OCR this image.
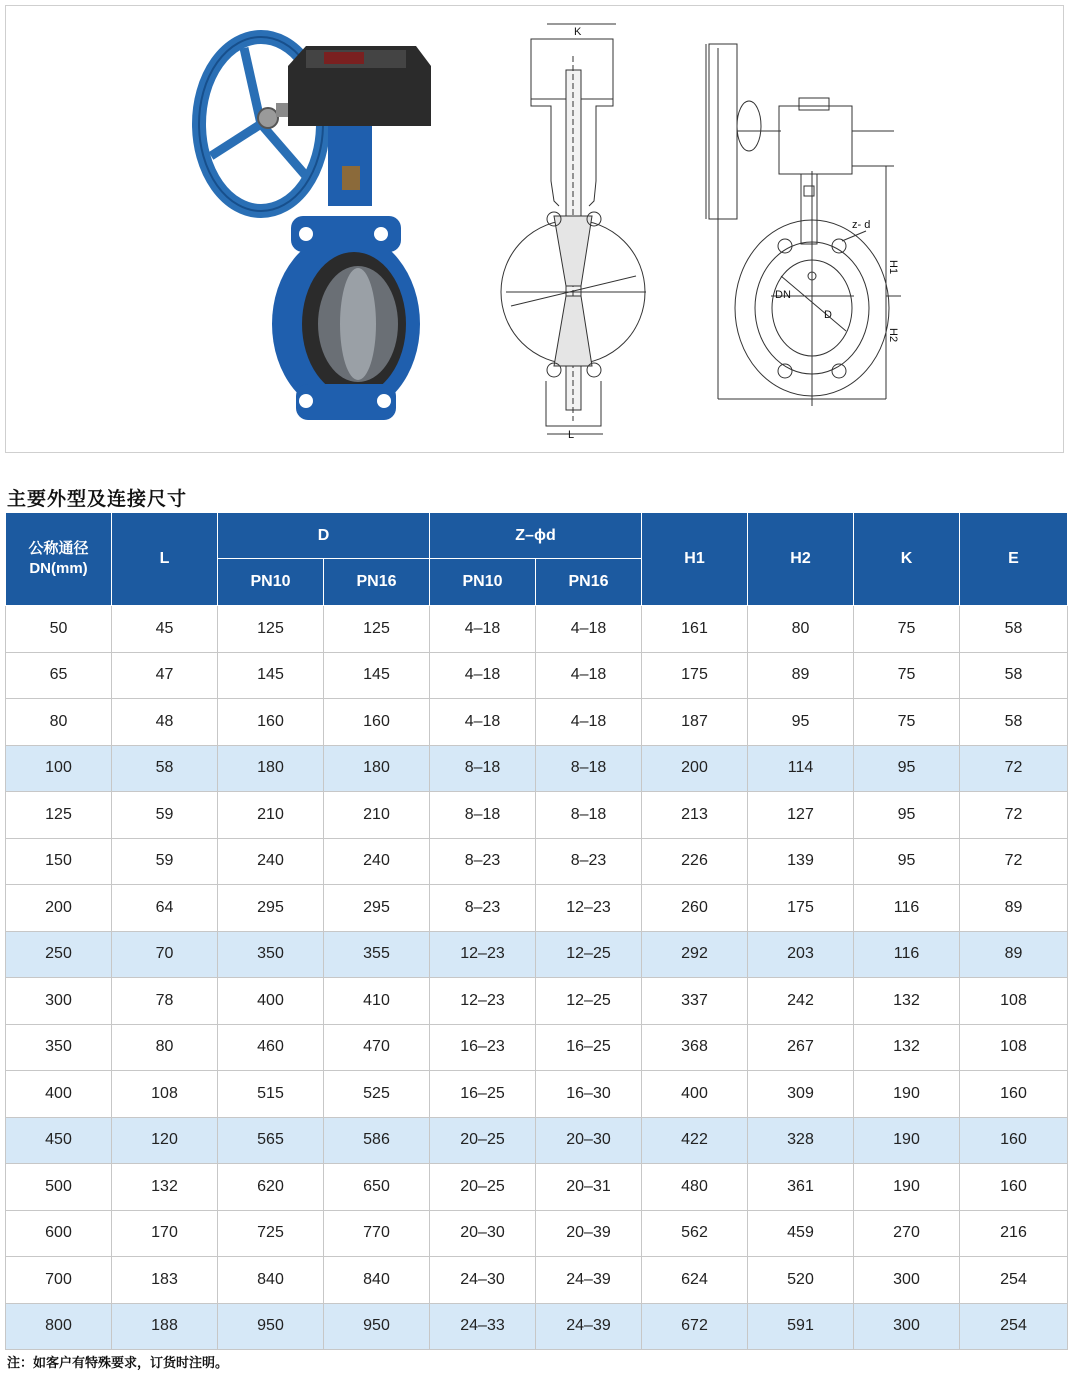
K
L
z- d
H1
H2
DN
D
主要外型及连接尺寸
公称通径
DN(mm)	L	D		Z–ϕd		H1	H2	K	E
		PN10	PN16	PN10	PN16				
50	45	125	125	4–18	4–18	161	80	75	58
65	47	145	145	4–18	4–18	175	89	75	58
80	48	160	160	4–18	4–18	187	95	75	58
100	58	180	180	8–18	8–18	200	114	95	72
125	59	210	210	8–18	8–18	213	127	95	72
150	59	240	240	8–23	8–23	226	139	95	72
200	64	295	295	8–23	12–23	260	175	116	89
250	70	350	355	12–23	12–25	292	203	116	89
300	78	400	410	12–23	12–25	337	242	132	108
350	80	460	470	16–23	16–25	368	267	132	108
400	108	515	525	16–25	16–30	400	309	190	160
450	120	565	586	20–25	20–30	422	328	190	160
500	132	620	650	20–25	20–31	480	361	190	160
600	170	725	770	20–30	20–39	562	459	270	216
700	183	840	840	24–30	24–39	624	520	300	254
800	188	950	950	24–33	24–39	672	591	300	254
注：如客户有特殊要求，订货时注明。
